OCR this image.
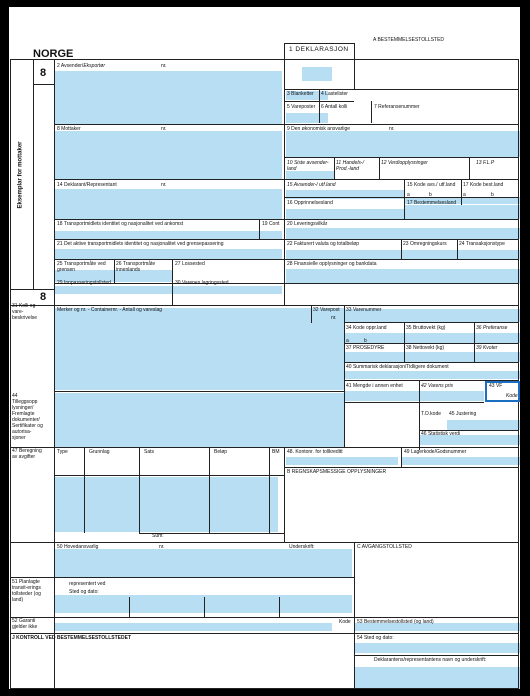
A BESTEMMELSESTOLLSTED
NORGE
8
8
Eksemplar for mottaker
1 DEKLARASJON
2 Avsender/Eksportør	nr.
3 Blanketter 4 Lastelister
5 Vareposter 6 Antall kolli	7 Referansenummer
8 Mottaker	nr.	9 Den økonomisk ansvarlige	nr.
10 Siste avsender-land
11 Handels-/ Prod.-land
12 Verdiopplysninger	13 F.L.P
14 Deklarant/Representant	nr.	15 Avsender-/ utf.land	15 Kode avs./ utf.land 17 Kode best.land
a	b	a	b
16 Opprinnelsesland	17 Bestemmelsesland
18 Transportmidlets identitet og nasjonalitet ved ankomst	19 Cont 20 Leveringsvilkår
21 Det aktive transportmidlets identitet og nasjonalitet ved grensepassering	22 Fakturert valuta og totalbeløp	23 Omregningskurs 24 Transaksjonstype
25 Transportmåte ved grensen
26 Transportmåte innenlands
27 Lossested	28 Finansielle opplysninger og bankdata
29 Innpasseringstollsted	30 Varenes lagringssted
31 Kolli og vare-beskrivelse
Merker og nr. - Containernr. - Antall og vareslag	32 Varepost
nr.
33 Varenummer
34 Kode oppr.land
a	b
35 Bruttovekt (kg)	36 Preferanse
37 PROSEDYRE	38 Nettovekt (kg)	39 Kvoter
40 Summarisk deklarasjon/Tidligere dokument
41 Mengde i annen enhet	42 Varens pris	43 VF
Kode
44 Tilleggsopp lysninger/ Fremlagte dokumenter/ Sertifikater og autorisa-sjoner
T.O.kode 45 Justering
46 Statistisk verdi
47 Beregning av avgifter
Type	Grunnlag	Sats	Beløp	BM
Sum:
48. Kontonr. for tollkreditt	49 Lagerkode/Godsnummer
B REGNSKAPSMESSIGE OPPLYSNINGER
50 Hovedansvarlig	nr.	Underskrift:	C AVGANGSTOLLSTED
representert ved
Sted og dato:
51 Planlagte transit-erings tollsteder (og land)
52 Garanti gjelder ikke
Kode 53 Bestemmelsestollsted (og land)
J KONTROLL VED BESTEMMELSESTOLLSTEDET	54 Sted og dato:
Deklarantens/representantens navn og underskrift:
